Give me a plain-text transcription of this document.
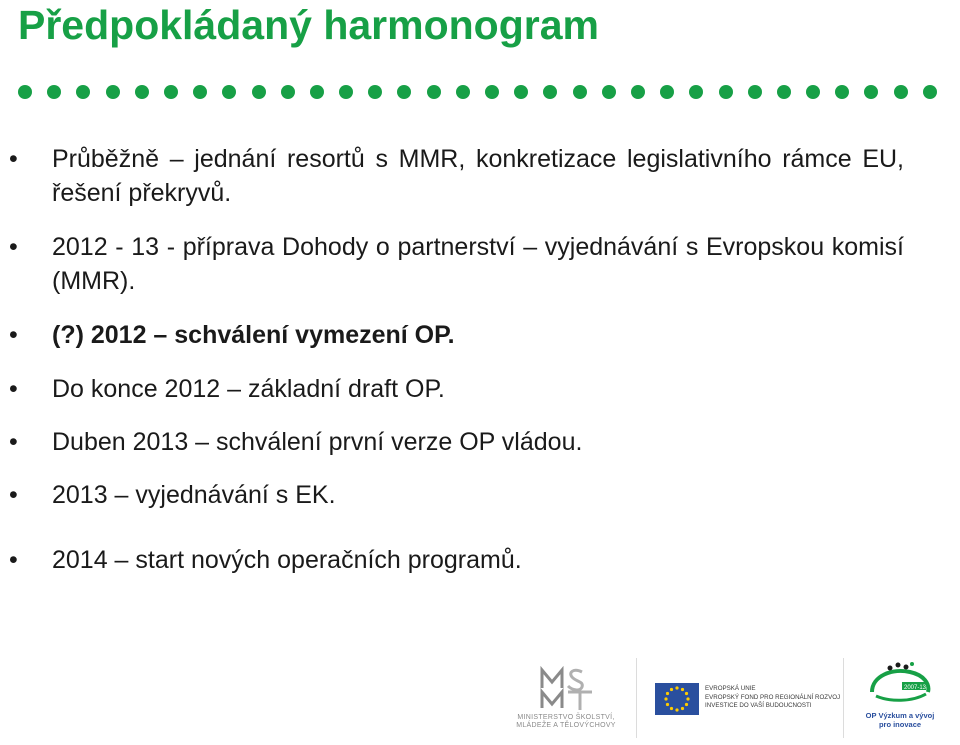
Předpokládaný harmonogram
• Průběžně – jednání resortů s MMR, konkretizace legislativního rámce EU, řešení překryvů.
• 2012 - 13 - příprava Dohody o partnerství – vyjednávání s Evropskou komisí (MMR).
• (?) 2012 – schválení vymezení OP.
• Do konce 2012 – základní draft OP.
• Duben 2013 – schválení první verze OP vládou.
• 2013 – vyjednávání s EK.
• 2014 – start nových operačních programů.
MINISTERSTVO ŠKOLSTVÍ,
MLÁDEŽE A TĚLOVÝCHOVY
EVROPSKÁ UNIE
EVROPSKÝ FOND PRO REGIONÁLNÍ ROZVOJ
INVESTICE DO VAŠÍ BUDOUCNOSTI
2007-13
OP Výzkum a vývoj
pro inovace
